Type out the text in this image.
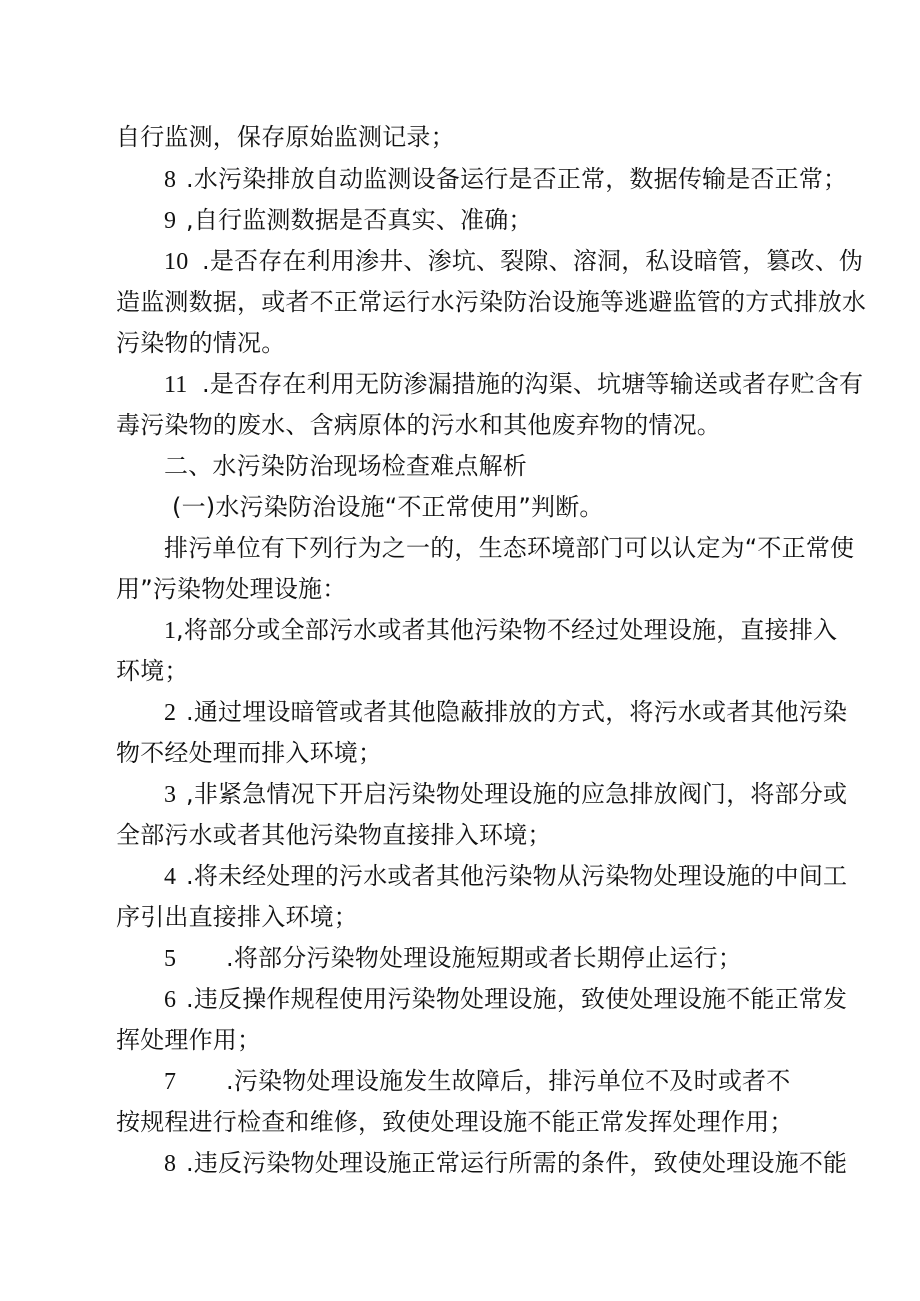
自行监测，保存原始监测记录；
8 .水污染排放自动监测设备运行是否正常，数据传输是否正常；
9 ,自行监测数据是否真实、准确；
10 .是否存在利用渗井、渗坑、裂隙、溶洞，私设暗管，篡改、伪
造监测数据，或者不正常运行水污染防治设施等逃避监管的方式排放水
污染物的情况。
11 .是否存在利用无防渗漏措施的沟渠、坑塘等输送或者存贮含有
毒污染物的废水、含病原体的污水和其他废弃物的情况。
二、水污染防治现场检查难点解析
(一)水污染防治设施“不正常使用”判断。
排污单位有下列行为之一的，生态环境部门可以认定为“不正常使
用”污染物处理设施：
1,将部分或全部污水或者其他污染物不经过处理设施，直接排入
环境；
2 .通过埋设暗管或者其他隐蔽排放的方式，将污水或者其他污染
物不经处理而排入环境；
3 ,非紧急情况下开启污染物处理设施的应急排放阀门，将部分或
全部污水或者其他污染物直接排入环境；
4 .将未经处理的污水或者其他污染物从污染物处理设施的中间工
序引出直接排入环境；
5 .将部分污染物处理设施短期或者长期停止运行；
6 .违反操作规程使用污染物处理设施，致使处理设施不能正常发
挥处理作用；
7 .污染物处理设施发生故障后，排污单位不及时或者不
按规程进行检查和维修，致使处理设施不能正常发挥处理作用；
8 .违反污染物处理设施正常运行所需的条件，致使处理设施不能
